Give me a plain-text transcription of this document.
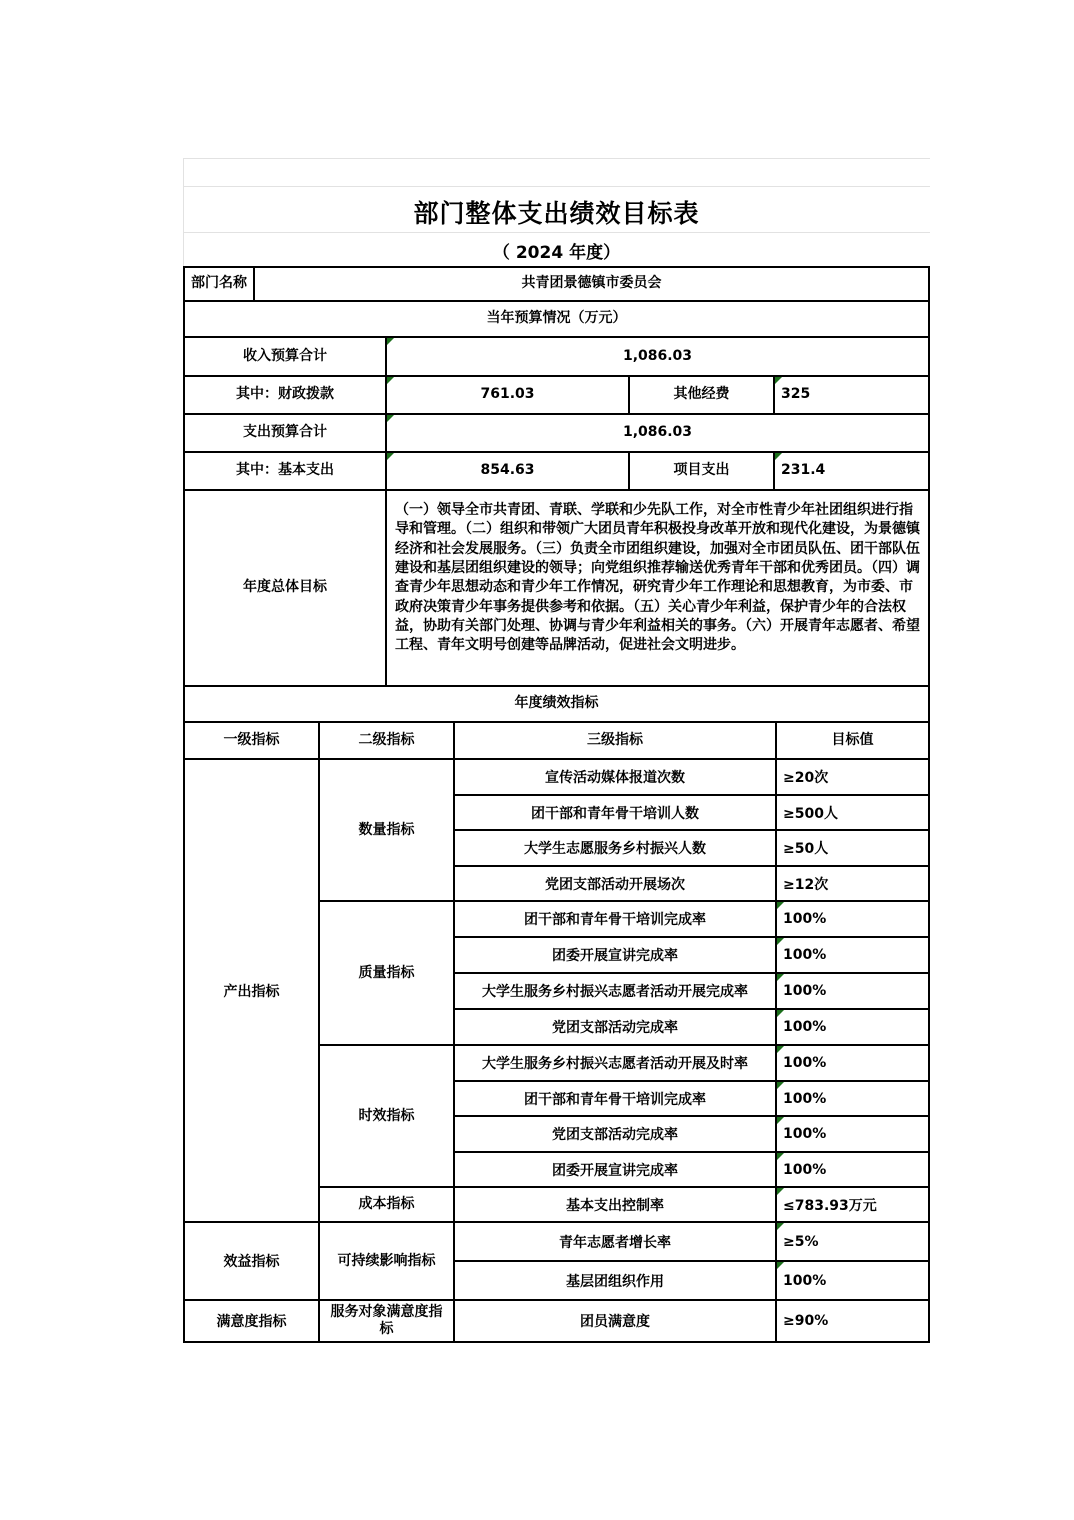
部门整体支出绩效目标表
（ 2024 年度）
部门名称	共青团景德镇市委员会
当年预算情况（万元）
收入预算合计	1,086.03
其中：财政拨款	761.03	其他经费	325
支出预算合计	1,086.03
其中：基本支出	854.63	项目支出	231.4
年度总体目标
（一）领导全市共青团、青联、学联和少先队工作，对全市性青少年社团组织进行指导和管理。（二）组织和带领广大团员青年积极投身改革开放和现代化建设，为景德镇经济和社会发展服务。（三）负责全市团组织建设，加强对全市团员队伍、团干部队伍建设和基层团组织建设的领导；向党组织推荐输送优秀青年干部和优秀团员。（四）调查青少年思想动态和青少年工作情况，研究青少年工作理论和思想教育，为市委、市政府决策青少年事务提供参考和依据。（五）关心青少年利益，保护青少年的合法权益，协助有关部门处理、协调与青少年利益相关的事务。（六）开展青年志愿者、希望工程、青年文明号创建等品牌活动，促进社会文明进步。
年度绩效指标
一级指标	二级指标	三级指标	目标值
产出指标
数量指标
宣传活动媒体报道次数	≥20次
团干部和青年骨干培训人数	≥500人
大学生志愿服务乡村振兴人数	≥50人
党团支部活动开展场次	≥12次
质量指标
团干部和青年骨干培训完成率	100%
团委开展宣讲完成率	100%
大学生服务乡村振兴志愿者活动开展完成率	100%
党团支部活动完成率	100%
时效指标
大学生服务乡村振兴志愿者活动开展及时率	100%
团干部和青年骨干培训完成率	100%
党团支部活动完成率	100%
团委开展宣讲完成率	100%
成本指标	基本支出控制率	≤783.93万元
效益指标	可持续影响指标
青年志愿者增长率	≥5%
基层团组织作用	100%
满意度指标
服务对象满意度指标	团员满意度	≥90%
